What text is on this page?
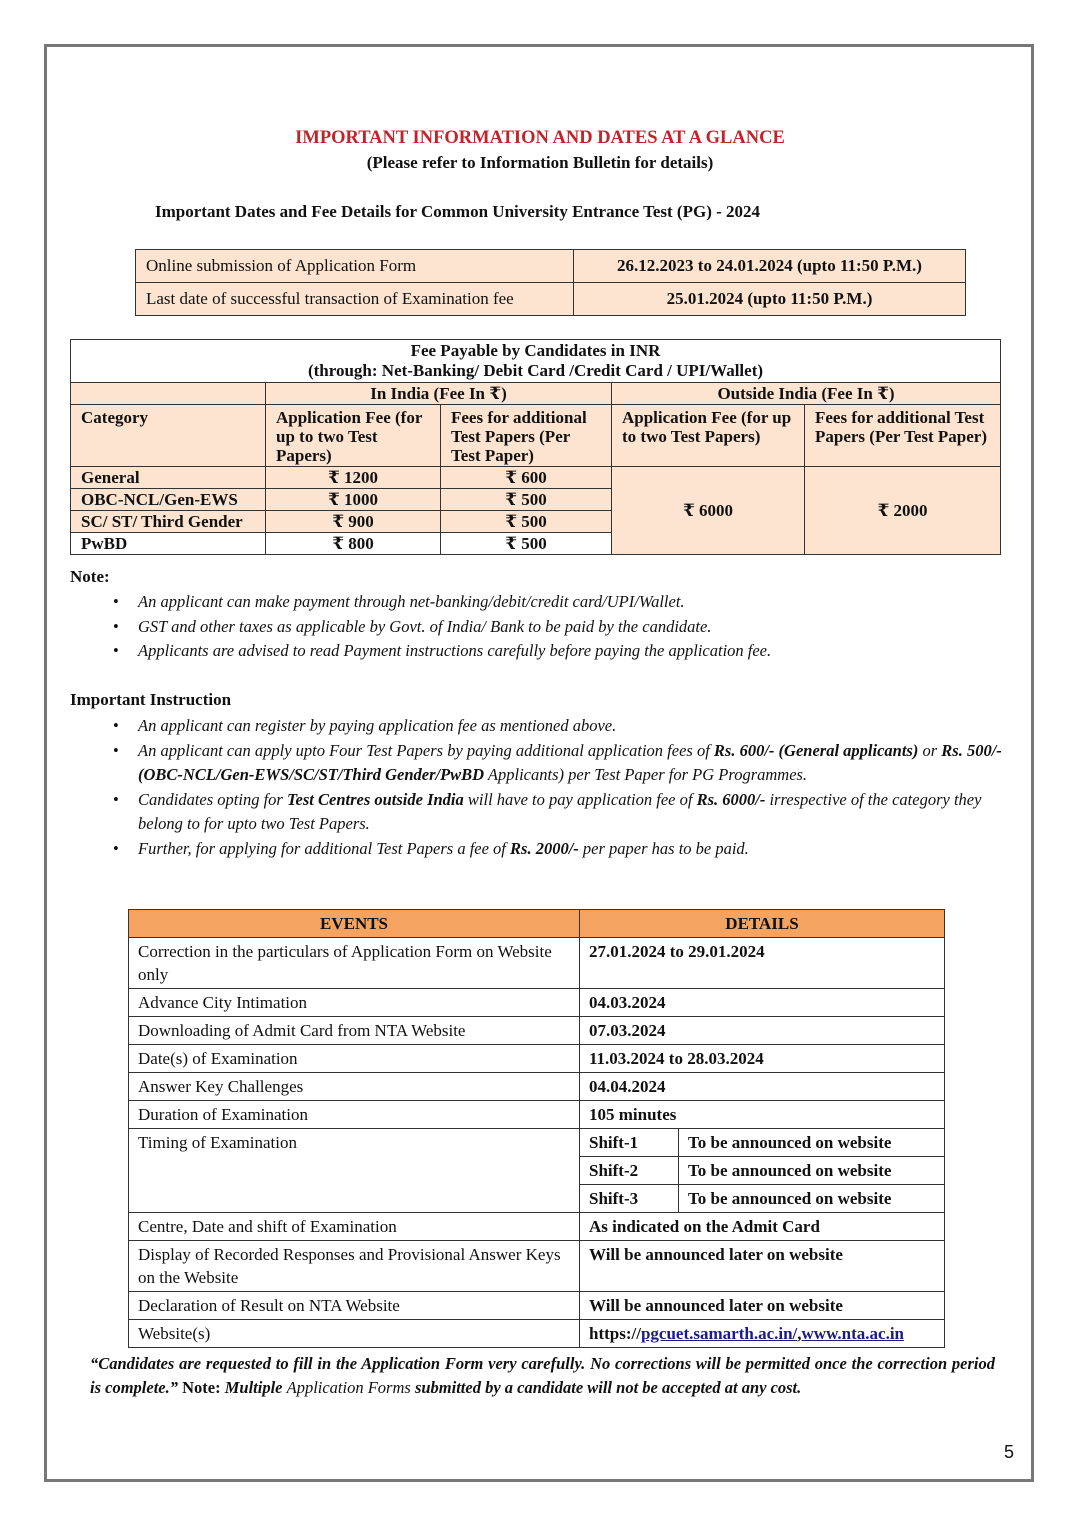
IMPORTANT INFORMATION AND DATES AT A GLANCE
(Please refer to Information Bulletin for details)
Important Dates and Fee Details for Common University Entrance Test (PG) - 2024
Online submission of Application Form	26.12.2023 to 24.01.2024 (upto 11:50 P.M.)
Last date of successful transaction of Examination fee	25.01.2024 (upto 11:50 P.M.)
Fee Payable by Candidates in INR
(through: Net-Banking/ Debit Card /Credit Card / UPI/Wallet)				

	In India (Fee In ₹)		Outside India (Fee In ₹)	
Category	Application Fee (for up to two Test Papers)	Fees for additional Test Papers (Per Test Paper)	Application Fee (for up to two Test Papers)	Fees for additional Test Papers (Per Test Paper)
General	₹ 1200	₹ 600	₹ 6000	₹ 2000
OBC-NCL/Gen-EWS	₹ 1000	₹ 500		
SC/ ST/ Third Gender	₹ 900	₹ 500		
PwBD	₹ 800	₹ 500		
Note:
• An applicant can make payment through net-banking/debit/credit card/UPI/Wallet.
• GST and other taxes as applicable by Govt. of India/ Bank to be paid by the candidate.
• Applicants are advised to read Payment instructions carefully before paying the application fee.
Important Instruction
• An applicant can register by paying application fee as mentioned above.
• An applicant can apply upto Four Test Papers by paying additional application fees of Rs. 600/- (General applicants) or Rs. 500/- (OBC-NCL/Gen-EWS/SC/ST/Third Gender/PwBD Applicants) per Test Paper for PG Programmes.
• Candidates opting for Test Centres outside India will have to pay application fee of Rs. 6000/- irrespective of the category they belong to for upto two Test Papers.
• Further, for applying for additional Test Papers a fee of Rs. 2000/- per paper has to be paid.
EVENTS	DETAILS
Correction in the particulars of Application Form on Website only	27.01.2024 to 29.01.2024
Advance City Intimation	04.03.2024
Downloading of Admit Card from NTA Website	07.03.2024
Date(s) of Examination	11.03.2024 to 28.03.2024
Answer Key Challenges	04.04.2024
Duration of Examination	105 minutes
Timing of Examination		Shift-1	To be announced on website
Shift-2	To be announced on website
Shift-3	To be announced on website

Centre, Date and shift of Examination	As indicated on the Admit Card
Display of Recorded Responses and Provisional Answer Keys on the Website	Will be announced later on website
Declaration of Result on NTA Website	Will be announced later on website
Website(s)	https://pgcuet.samarth.ac.in/,www.nta.ac.in
“Candidates are requested to fill in the Application Form very carefully. No corrections will be permitted once the correction period is complete.” Note: Multiple Application Forms submitted by a candidate will not be accepted at any cost.
5
